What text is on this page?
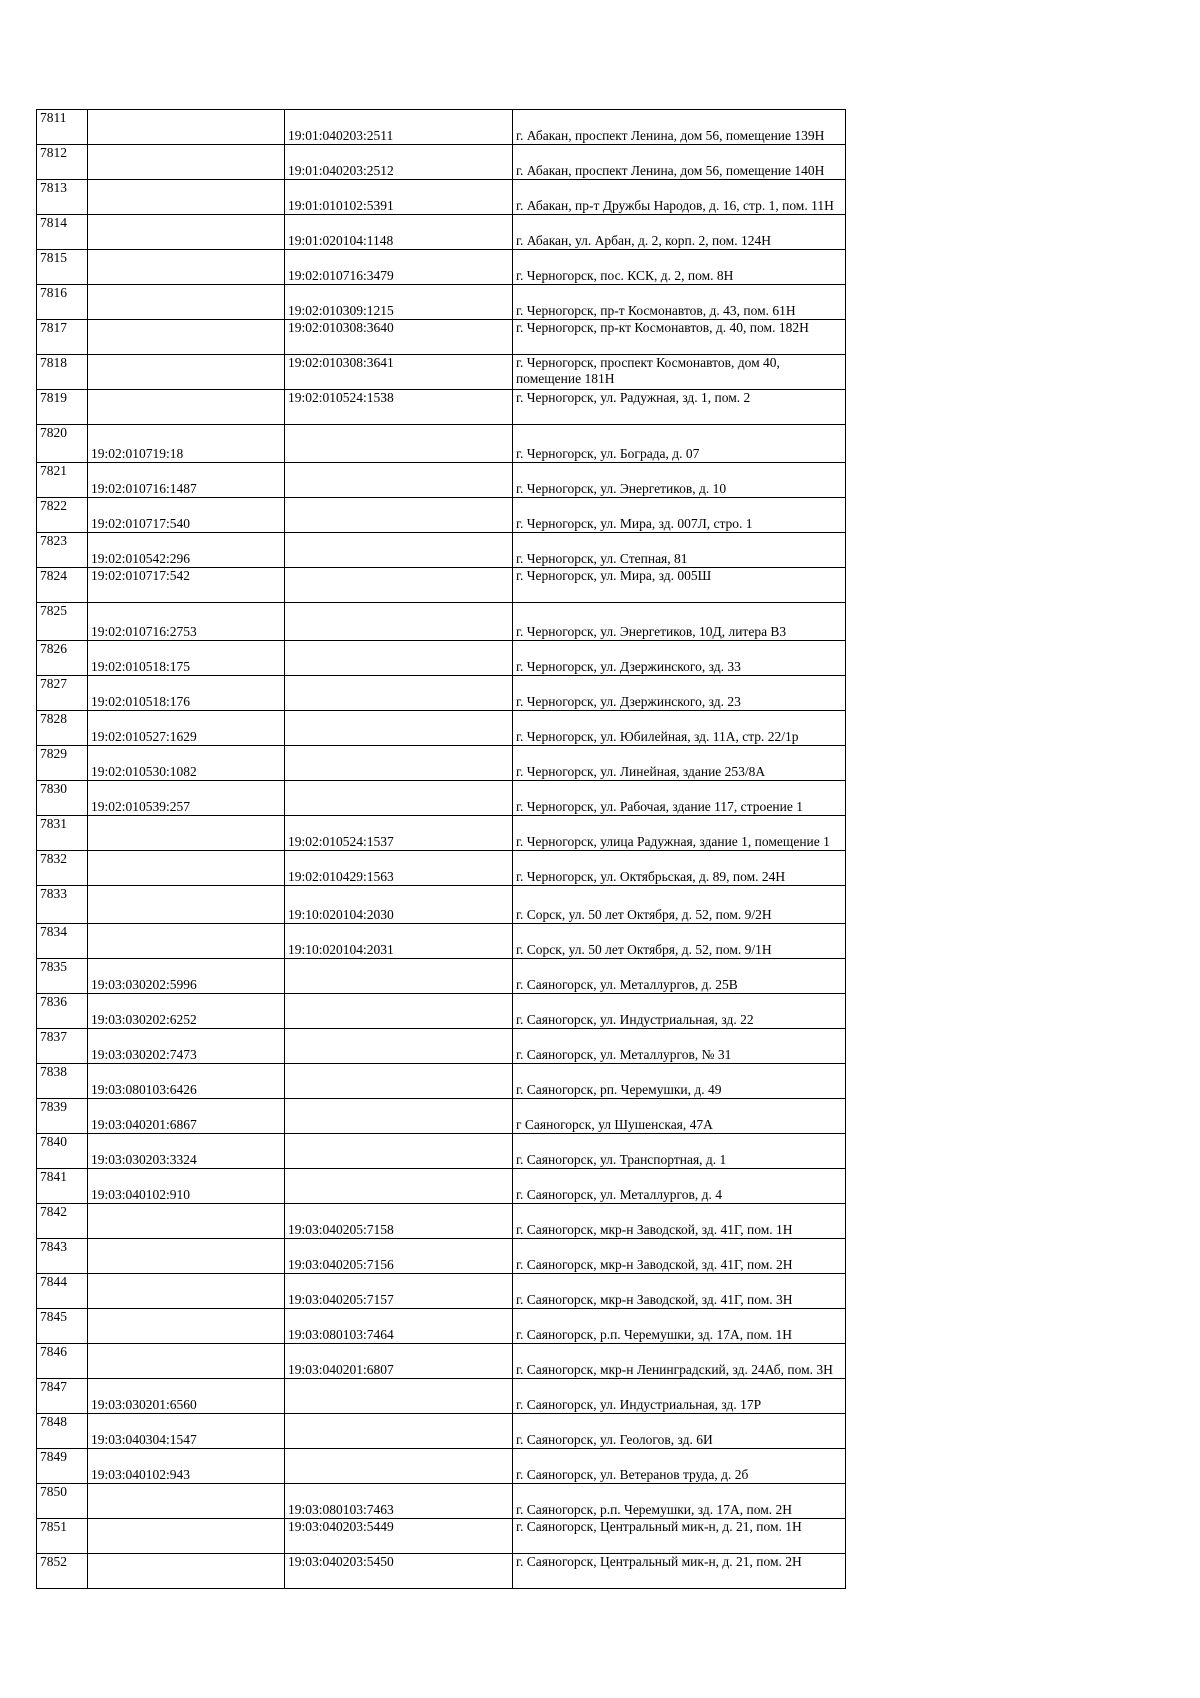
7811		19:01:040203:2511	г. Абакан, проспект Ленина, дом 56, помещение 139Н
7812		19:01:040203:2512	г. Абакан, проспект Ленина, дом 56, помещение 140Н
7813		19:01:010102:5391	г. Абакан, пр-т Дружбы Народов, д. 16, стр. 1, пом. 11Н
7814		19:01:020104:1148	г. Абакан, ул. Арбан, д. 2, корп. 2, пом. 124Н
7815		19:02:010716:3479	г. Черногорск, пос. КСК, д. 2, пом. 8Н
7816		19:02:010309:1215	г. Черногорск, пр-т Космонавтов, д. 43, пом. 61Н
7817		19:02:010308:3640	г. Черногорск, пр-кт Космонавтов, д. 40, пом. 182Н
7818		19:02:010308:3641	г. Черногорск, проспект Космонавтов, дом 40, помещение 181Н
7819		19:02:010524:1538	г. Черногорск, ул. Радужная, зд. 1, пом. 2
7820	19:02:010719:18		г. Черногорск, ул. Бограда, д. 07
7821	19:02:010716:1487		г. Черногорск, ул. Энергетиков, д. 10
7822	19:02:010717:540		г. Черногорск, ул. Мира, зд. 007Л, стро. 1
7823	19:02:010542:296		г. Черногорск, ул. Степная, 81
7824	19:02:010717:542		г. Черногорск, ул. Мира, зд. 005Ш
7825	19:02:010716:2753		г. Черногорск, ул. Энергетиков, 10Д, литера В3
7826	19:02:010518:175		г. Черногорск, ул. Дзержинского, зд. 33
7827	19:02:010518:176		г. Черногорск, ул. Дзержинского, зд. 23
7828	19:02:010527:1629		г. Черногорск, ул. Юбилейная, зд. 11А, стр. 22/1р
7829	19:02:010530:1082		г. Черногорск, ул. Линейная, здание 253/8А
7830	19:02:010539:257		г. Черногорск, ул. Рабочая, здание 117, строение 1
7831		19:02:010524:1537	г. Черногорск, улица Радужная, здание 1, помещение 1
7832		19:02:010429:1563	г. Черногорск, ул. Октябрьская, д. 89, пом. 24Н
7833		19:10:020104:2030	г. Сорск, ул. 50 лет Октября, д. 52, пом. 9/2Н
7834		19:10:020104:2031	г. Сорск, ул. 50 лет Октября, д. 52, пом. 9/1Н
7835	19:03:030202:5996		г. Саяногорск, ул. Металлургов, д. 25В
7836	19:03:030202:6252		г. Саяногорск, ул. Индустриальная, зд. 22
7837	19:03:030202:7473		г. Саяногорск, ул. Металлургов, № 31
7838	19:03:080103:6426		г. Саяногорск, рп. Черемушки, д. 49
7839	19:03:040201:6867		г Саяногорск, ул Шушенская, 47А
7840	19:03:030203:3324		г. Саяногорск, ул. Транспортная, д. 1
7841	19:03:040102:910		г. Саяногорск, ул. Металлургов, д. 4
7842		19:03:040205:7158	г. Саяногорск, мкр-н Заводской, зд. 41Г, пом. 1Н
7843		19:03:040205:7156	г. Саяногорск, мкр-н Заводской, зд. 41Г, пом. 2Н
7844		19:03:040205:7157	г. Саяногорск, мкр-н Заводской, зд. 41Г, пом. 3Н
7845		19:03:080103:7464	г. Саяногорск, р.п. Черемушки, зд. 17А, пом. 1Н
7846		19:03:040201:6807	г. Саяногорск, мкр-н Ленинградский, зд. 24Аб, пом. 3Н
7847	19:03:030201:6560		г. Саяногорск, ул. Индустриальная, зд. 17Р
7848	19:03:040304:1547		г. Саяногорск, ул. Геологов, зд. 6И
7849	19:03:040102:943		г. Саяногорск, ул. Ветеранов труда, д. 2б
7850		19:03:080103:7463	г. Саяногорск, р.п. Черемушки, зд. 17А, пом. 2Н
7851		19:03:040203:5449	г. Саяногорск, Центральный мик-н, д. 21, пом. 1Н
7852		19:03:040203:5450	г. Саяногорск, Центральный мик-н, д. 21, пом. 2Н
